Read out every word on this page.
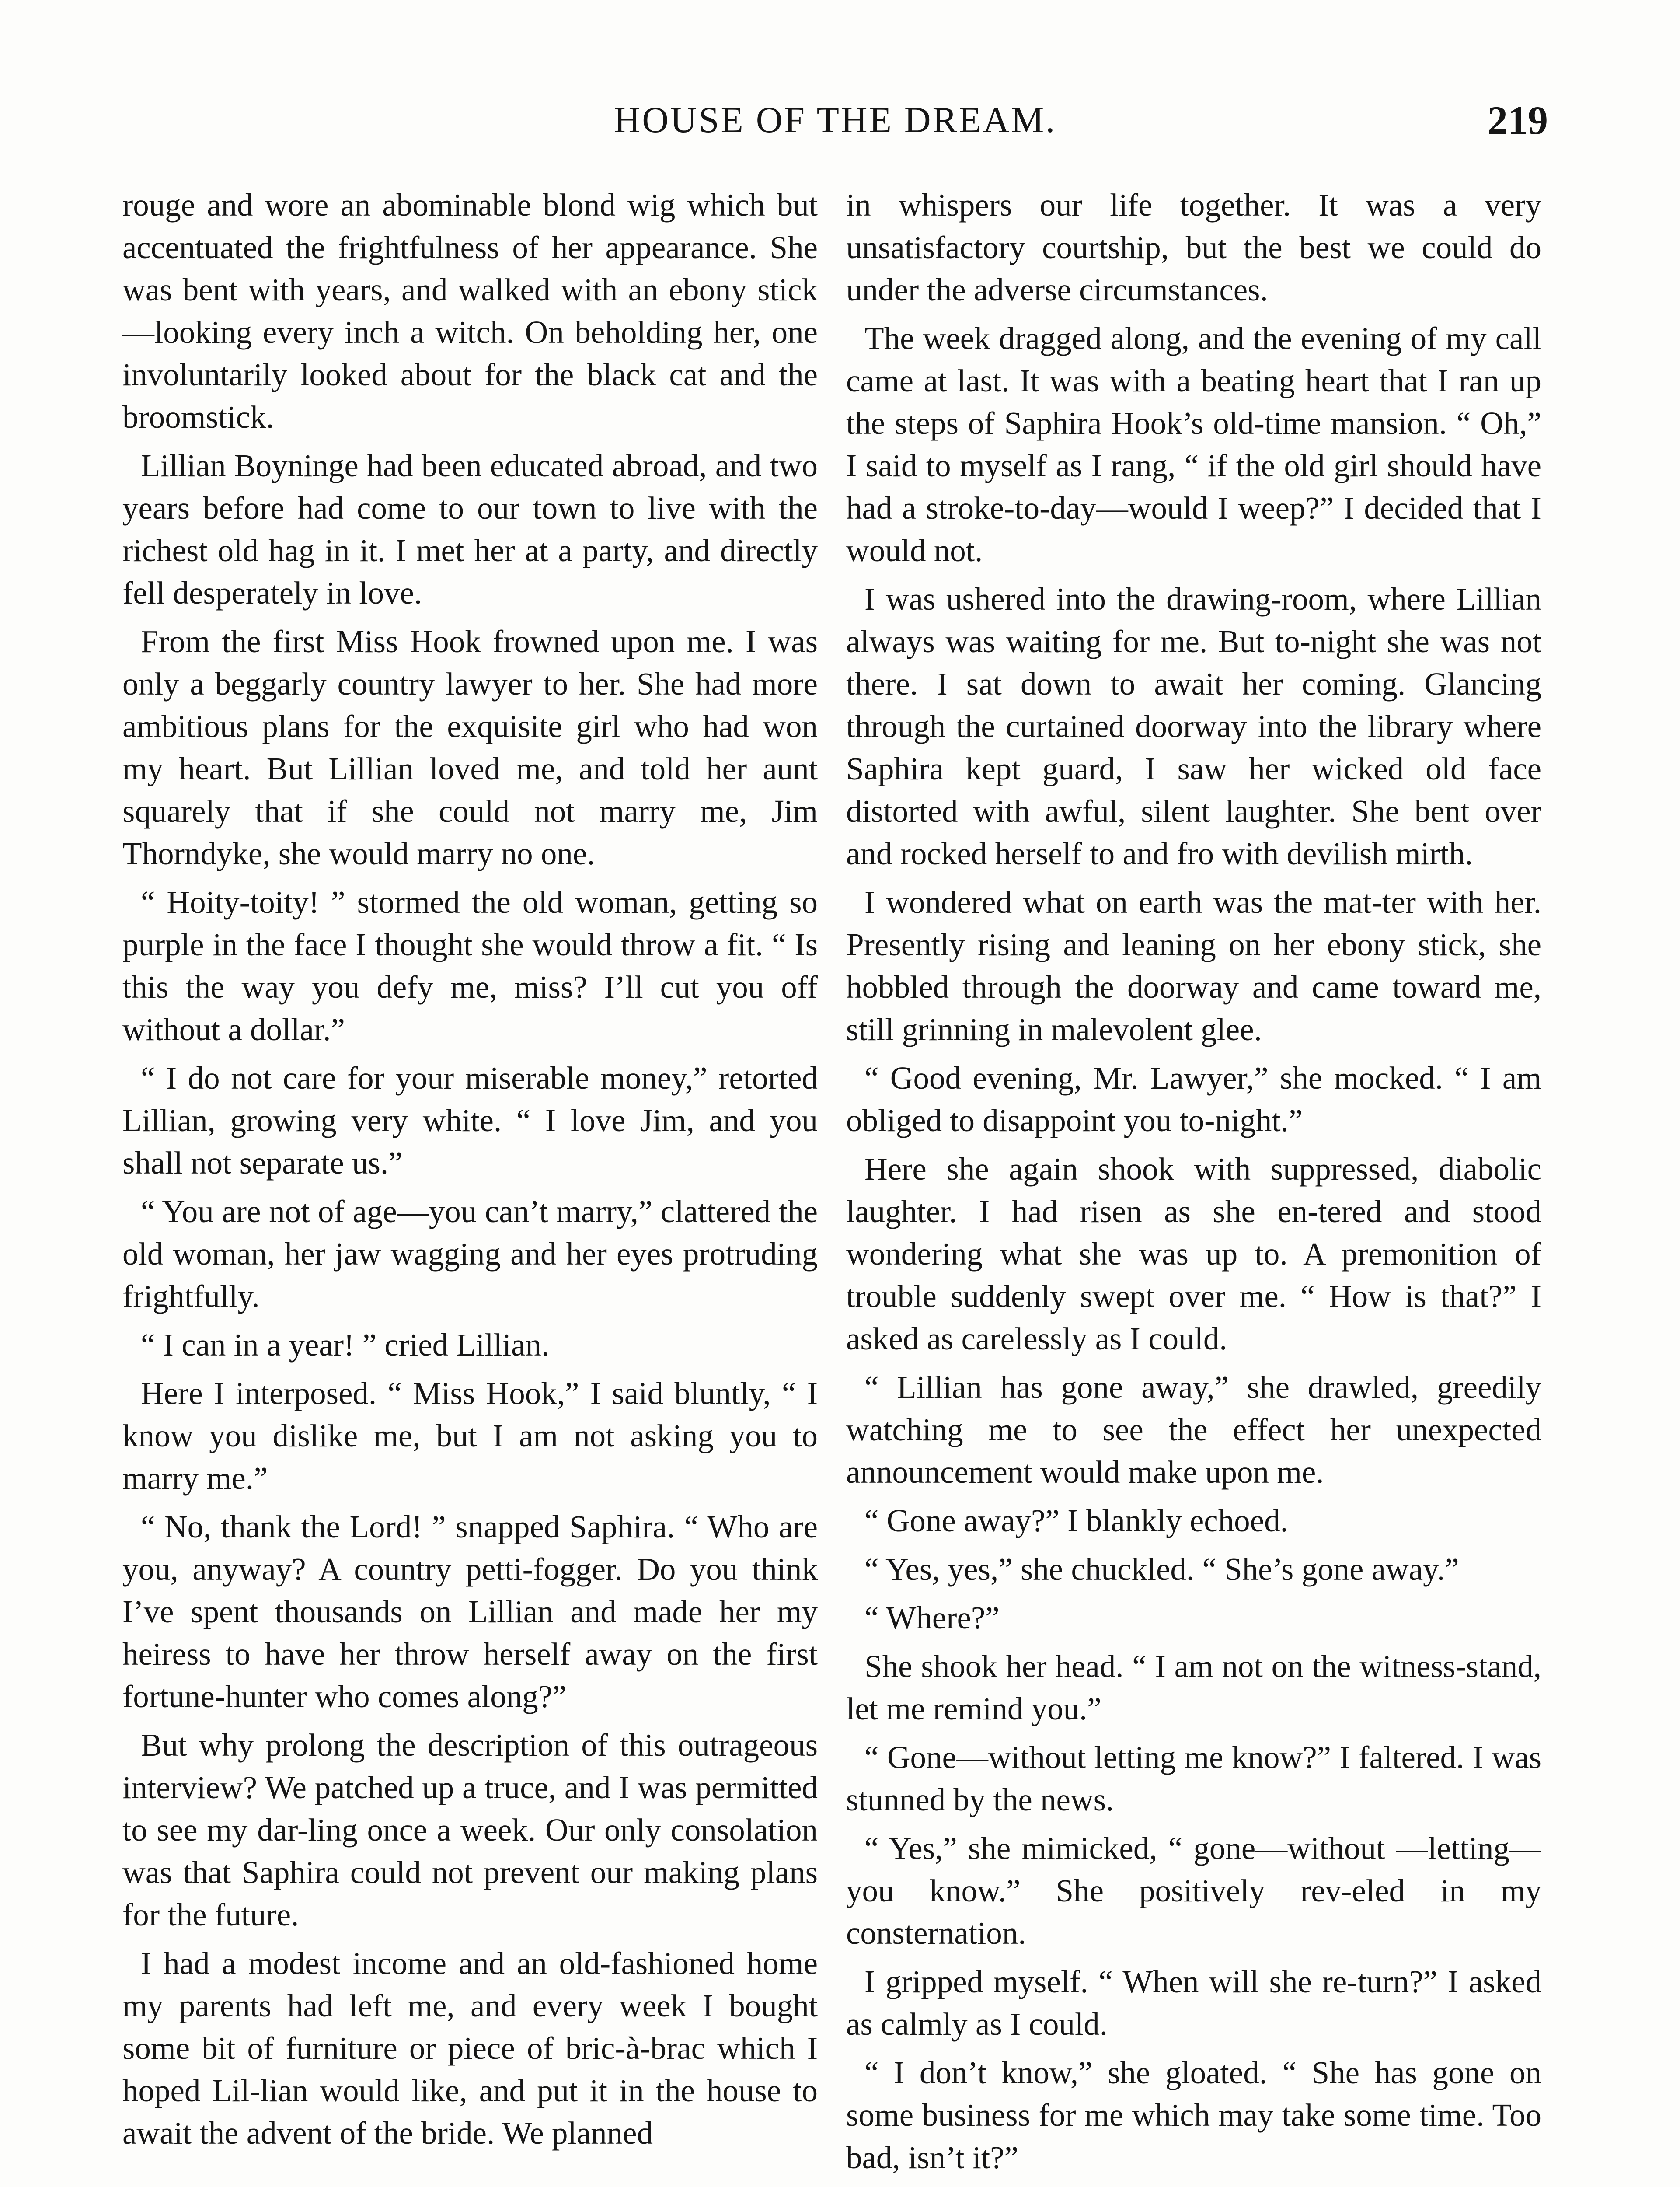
HOUSE OF THE DREAM.	219

rouge and wore an abominable blond wig which but accentuated the frightfulness of her appearance. She was bent with years, and walked with an ebony stick—looking every inch a witch. On beholding her, one involuntarily looked about for the black cat and the broomstick.

Lillian Boyninge had been educated abroad, and two years before had come to our town to live with the richest old hag in it. I met her at a party, and directly fell desperately in love.

From the first Miss Hook frowned upon me. I was only a beggarly country lawyer to her. She had more ambitious plans for the exquisite girl who had won my heart. But Lillian loved me, and told her aunt squarely that if she could not marry me, Jim Thorndyke, she would marry no one.

“ Hoity-toity! ” stormed the old woman, getting so purple in the face I thought she would throw a fit. “ Is this the way you defy me, miss? I’ll cut you off without a dollar.”

“ I do not care for your miserable money,” retorted Lillian, growing very white. “ I love Jim, and you shall not separate us.”

“ You are not of age—you can’t marry,” clattered the old woman, her jaw wagging and her eyes protruding frightfully.

“ I can in a year! ” cried Lillian.

Here I interposed. “ Miss Hook,” I said bluntly, “ I know you dislike me, but I am not asking you to marry me.”

“ No, thank the Lord! ” snapped Saphira. “ Who are you, anyway? A country petti-fogger. Do you think I’ve spent thousands on Lillian and made her my heiress to have her throw herself away on the first fortune-hunter who comes along?”

But why prolong the description of this outrageous interview? We patched up a truce, and I was permitted to see my dar-ling once a week. Our only consolation was that Saphira could not prevent our making plans for the future.

I had a modest income and an old-fashioned home my parents had left me, and every week I bought some bit of furniture or piece of bric-à-brac which I hoped Lil-lian would like, and put it in the house to await the advent of the bride. We planned

in whispers our life together. It was a very unsatisfactory courtship, but the best we could do under the adverse circumstances.

The week dragged along, and the evening of my call came at last. It was with a beating heart that I ran up the steps of Saphira Hook’s old-time mansion. “ Oh,” I said to myself as I rang, “ if the old girl should have had a stroke-to-day—would I weep?” I decided that I would not.

I was ushered into the drawing-room, where Lillian always was waiting for me. But to-night she was not there. I sat down to await her coming. Glancing through the curtained doorway into the library where Saphira kept guard, I saw her wicked old face distorted with awful, silent laughter. She bent over and rocked herself to and fro with devilish mirth.

I wondered what on earth was the mat-ter with her. Presently rising and leaning on her ebony stick, she hobbled through the doorway and came toward me, still grinning in malevolent glee.

“ Good evening, Mr. Lawyer,” she mocked. “ I am obliged to disappoint you to-night.”

Here she again shook with suppressed, diabolic laughter. I had risen as she en-tered and stood wondering what she was up to. A premonition of trouble suddenly swept over me. “ How is that?” I asked as carelessly as I could.

“ Lillian has gone away,” she drawled, greedily watching me to see the effect her unexpected announcement would make upon me.

“ Gone away?” I blankly echoed.

“ Yes, yes,” she chuckled. “ She’s gone away.”

“ Where?”

She shook her head. “ I am not on the witness-stand, let me remind you.”

“ Gone—without letting me know?” I faltered. I was stunned by the news.

“ Yes,” she mimicked, “ gone—without —letting—you know.” She positively rev-eled in my consternation.

I gripped myself. “ When will she re-turn?” I asked as calmly as I could.

“ I don’t know,” she gloated. “ She has gone on some business for me which may take some time. Too bad, isn’t it?”
